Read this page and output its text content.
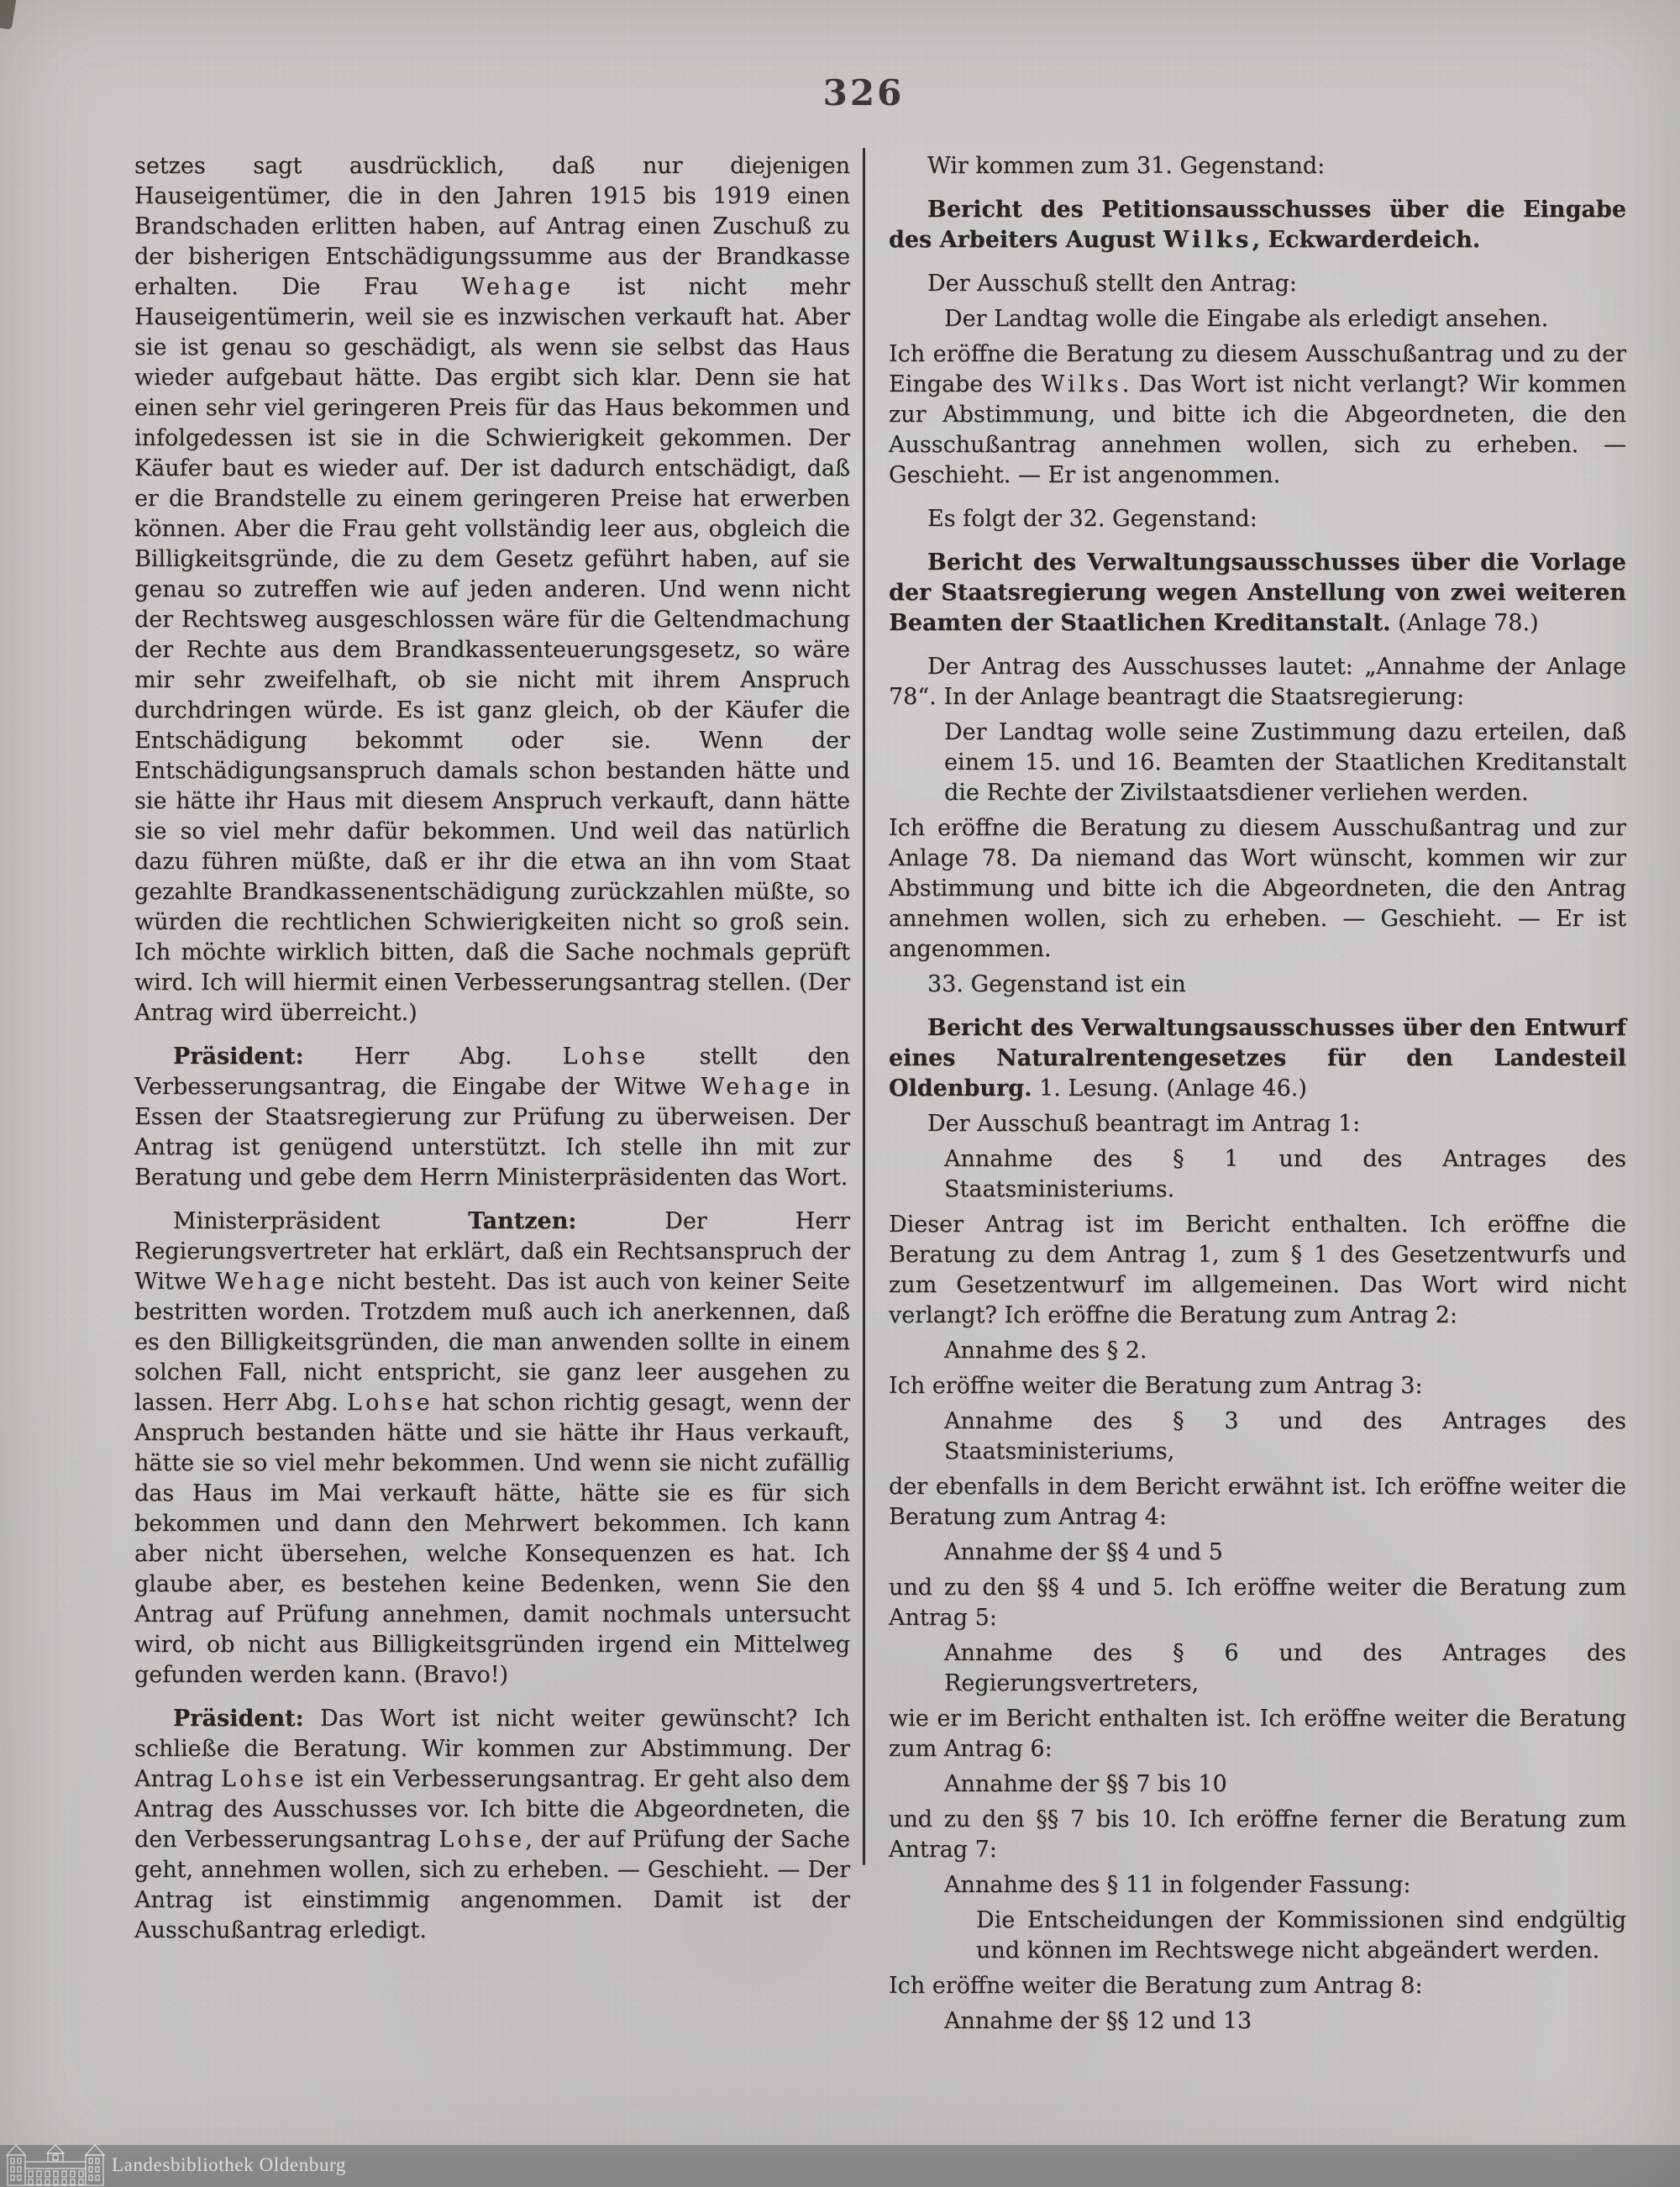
326

setzes sagt ausdrücklich, daß nur diejenigen Hauseigentümer, die in den Jahren 1915 bis 1919 einen Brandschaden erlitten haben, auf Antrag einen Zuschuß zu der bisherigen Entschädigungssumme aus der Brandkasse erhalten. Die Frau Wehage ist nicht mehr Hauseigentümerin, weil sie es inzwischen verkauft hat. Aber sie ist genau so geschädigt, als wenn sie selbst das Haus wieder aufgebaut hätte. Das ergibt sich klar. Denn sie hat einen sehr viel geringeren Preis für das Haus bekommen und infolgedessen ist sie in die Schwierigkeit gekommen. Der Käufer baut es wieder auf. Der ist dadurch entschädigt, daß er die Brandstelle zu einem geringeren Preise hat erwerben können. Aber die Frau geht vollständig leer aus, obgleich die Billigkeitsgründe, die zu dem Gesetz geführt haben, auf sie genau so zutreffen wie auf jeden anderen. Und wenn nicht der Rechtsweg ausgeschlossen wäre für die Geltendmachung der Rechte aus dem Brandkassenteuerungsgesetz, so wäre mir sehr zweifelhaft, ob sie nicht mit ihrem Anspruch durchdringen würde. Es ist ganz gleich, ob der Käufer die Entschädigung bekommt oder sie. Wenn der Entschädigungsanspruch damals schon bestanden hätte und sie hätte ihr Haus mit diesem Anspruch verkauft, dann hätte sie so viel mehr dafür bekommen. Und weil das natürlich dazu führen müßte, daß er ihr die etwa an ihn vom Staat gezahlte Brandkassenentschädigung zurückzahlen müßte, so würden die rechtlichen Schwierigkeiten nicht so groß sein. Ich möchte wirklich bitten, daß die Sache nochmals geprüft wird. Ich will hiermit einen Verbesserungsantrag stellen. (Der Antrag wird überreicht.)

Präsident: Herr Abg. Lohse stellt den Verbesserungsantrag, die Eingabe der Witwe Wehage in Essen der Staatsregierung zur Prüfung zu überweisen. Der Antrag ist genügend unterstützt. Ich stelle ihn mit zur Beratung und gebe dem Herrn Ministerpräsidenten das Wort.

Ministerpräsident Tantzen: Der Herr Regierungsvertreter hat erklärt, daß ein Rechtsanspruch der Witwe Wehage nicht besteht. Das ist auch von keiner Seite bestritten worden. Trotzdem muß auch ich anerkennen, daß es den Billigkeitsgründen, die man anwenden sollte in einem solchen Fall, nicht entspricht, sie ganz leer ausgehen zu lassen. Herr Abg. Lohse hat schon richtig gesagt, wenn der Anspruch bestanden hätte und sie hätte ihr Haus verkauft, hätte sie so viel mehr bekommen. Und wenn sie nicht zufällig das Haus im Mai verkauft hätte, hätte sie es für sich bekommen und dann den Mehrwert bekommen. Ich kann aber nicht übersehen, welche Konsequenzen es hat. Ich glaube aber, es bestehen keine Bedenken, wenn Sie den Antrag auf Prüfung annehmen, damit nochmals untersucht wird, ob nicht aus Billigkeitsgründen irgend ein Mittelweg gefunden werden kann. (Bravo!)

Präsident: Das Wort ist nicht weiter gewünscht? Ich schließe die Beratung. Wir kommen zur Abstimmung. Der Antrag Lohse ist ein Verbesserungsantrag. Er geht also dem Antrag des Ausschusses vor. Ich bitte die Abgeordneten, die den Verbesserungsantrag Lohse, der auf Prüfung der Sache geht, annehmen wollen, sich zu erheben. — Geschieht. — Der Antrag ist einstimmig angenommen. Damit ist der Ausschußantrag erledigt.

Wir kommen zum 31. Gegenstand:

Bericht des Petitionsausschusses über die Eingabe des Arbeiters August Wilks, Eckwarderdeich.

Der Ausschuß stellt den Antrag:

Der Landtag wolle die Eingabe als erledigt ansehen.

Ich eröffne die Beratung zu diesem Ausschußantrag und zu der Eingabe des Wilks. Das Wort ist nicht verlangt? Wir kommen zur Abstimmung, und bitte ich die Abgeordneten, die den Ausschußantrag annehmen wollen, sich zu erheben. — Geschieht. — Er ist angenommen.

Es folgt der 32. Gegenstand:

Bericht des Verwaltungsausschusses über die Vorlage der Staatsregierung wegen Anstellung von zwei weiteren Beamten der Staatlichen Kreditanstalt. (Anlage 78.)

Der Antrag des Ausschusses lautet: „Annahme der Anlage 78“. In der Anlage beantragt die Staatsregierung:

Der Landtag wolle seine Zustimmung dazu erteilen, daß einem 15. und 16. Beamten der Staatlichen Kreditanstalt die Rechte der Zivilstaatsdiener verliehen werden.

Ich eröffne die Beratung zu diesem Ausschußantrag und zur Anlage 78. Da niemand das Wort wünscht, kommen wir zur Abstimmung und bitte ich die Abgeordneten, die den Antrag annehmen wollen, sich zu erheben. — Geschieht. — Er ist angenommen.

33. Gegenstand ist ein

Bericht des Verwaltungsausschusses über den Entwurf eines Naturalrentengesetzes für den Landesteil Oldenburg. 1. Lesung. (Anlage 46.)

Der Ausschuß beantragt im Antrag 1:

Annahme des § 1 und des Antrages des Staatsministeriums.

Dieser Antrag ist im Bericht enthalten. Ich eröffne die Beratung zu dem Antrag 1, zum § 1 des Gesetzentwurfs und zum Gesetzentwurf im allgemeinen. Das Wort wird nicht verlangt? Ich eröffne die Beratung zum Antrag 2:

Annahme des § 2.

Ich eröffne weiter die Beratung zum Antrag 3:

Annahme des § 3 und des Antrages des Staatsministeriums,

der ebenfalls in dem Bericht erwähnt ist. Ich eröffne weiter die Beratung zum Antrag 4:

Annahme der §§ 4 und 5

und zu den §§ 4 und 5. Ich eröffne weiter die Beratung zum Antrag 5:

Annahme des § 6 und des Antrages des Regierungsvertreters,

wie er im Bericht enthalten ist. Ich eröffne weiter die Beratung zum Antrag 6:

Annahme der §§ 7 bis 10

und zu den §§ 7 bis 10. Ich eröffne ferner die Beratung zum Antrag 7:

Annahme des § 11 in folgender Fassung:

Die Entscheidungen der Kommissionen sind endgültig und können im Rechtswege nicht abgeändert werden.

Ich eröffne weiter die Beratung zum Antrag 8:

Annahme der §§ 12 und 13

Landesbibliothek Oldenburg
